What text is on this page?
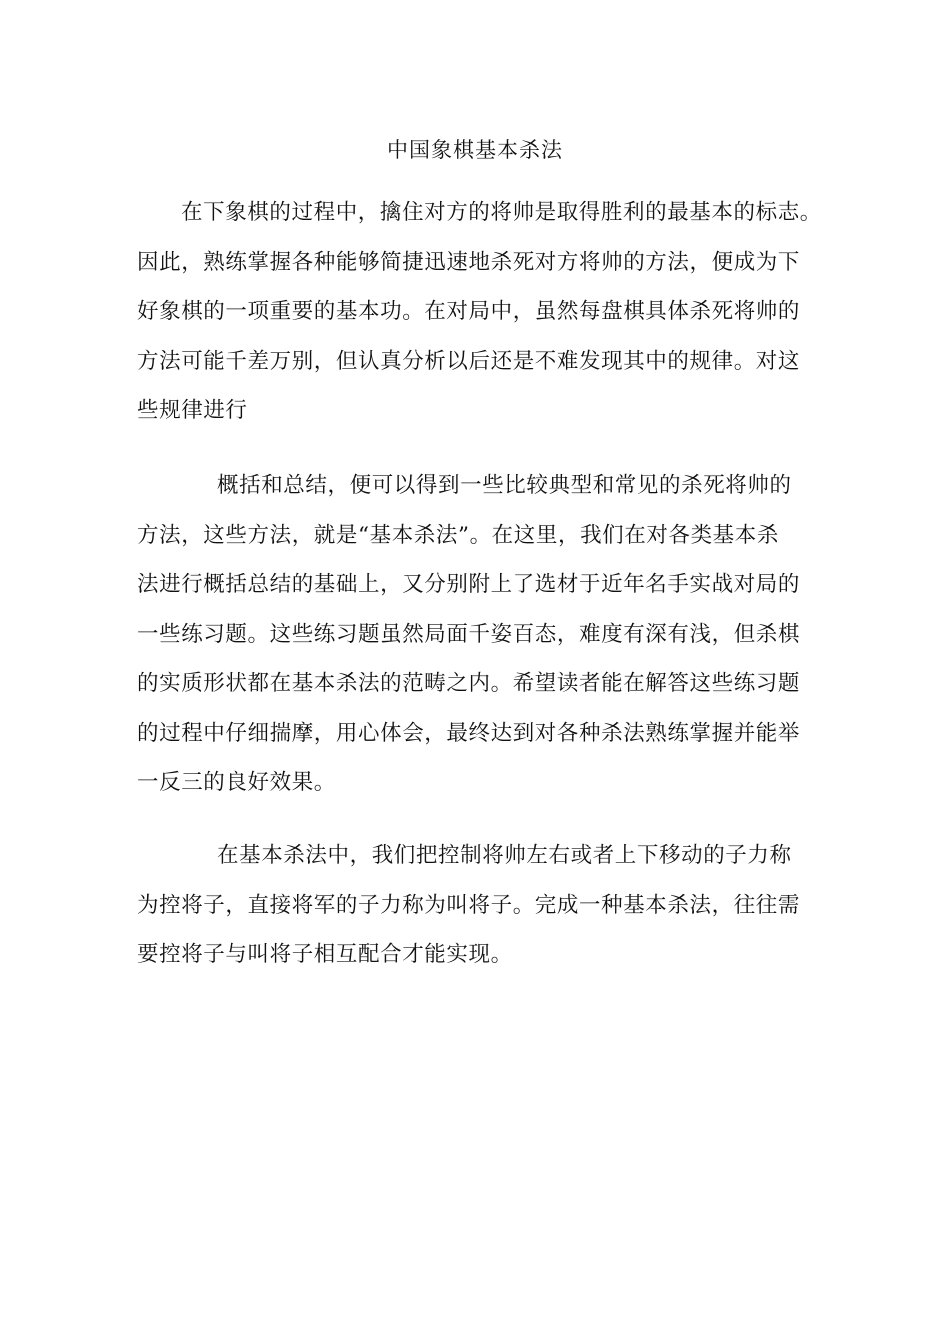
中国象棋基本杀法
在下象棋的过程中，擒住对方的将帅是取得胜利的最基本的标志。
因此，熟练掌握各种能够简捷迅速地杀死对方将帅的方法，便成为下
好象棋的一项重要的基本功。在对局中，虽然每盘棋具体杀死将帅的
方法可能千差万别，但认真分析以后还是不难发现其中的规律。对这
些规律进行
概括和总结，便可以得到一些比较典型和常见的杀死将帅的
方法，这些方法，就是“基本杀法”。在这里，我们在对各类基本杀
法进行概括总结的基础上，又分别附上了选材于近年名手实战对局的
一些练习题。这些练习题虽然局面千姿百态，难度有深有浅，但杀棋
的实质形状都在基本杀法的范畴之内。希望读者能在解答这些练习题
的过程中仔细揣摩，用心体会，最终达到对各种杀法熟练掌握并能举
一反三的良好效果。
在基本杀法中，我们把控制将帅左右或者上下移动的子力称
为控将子，直接将军的子力称为叫将子。完成一种基本杀法，往往需
要控将子与叫将子相互配合才能实现。
